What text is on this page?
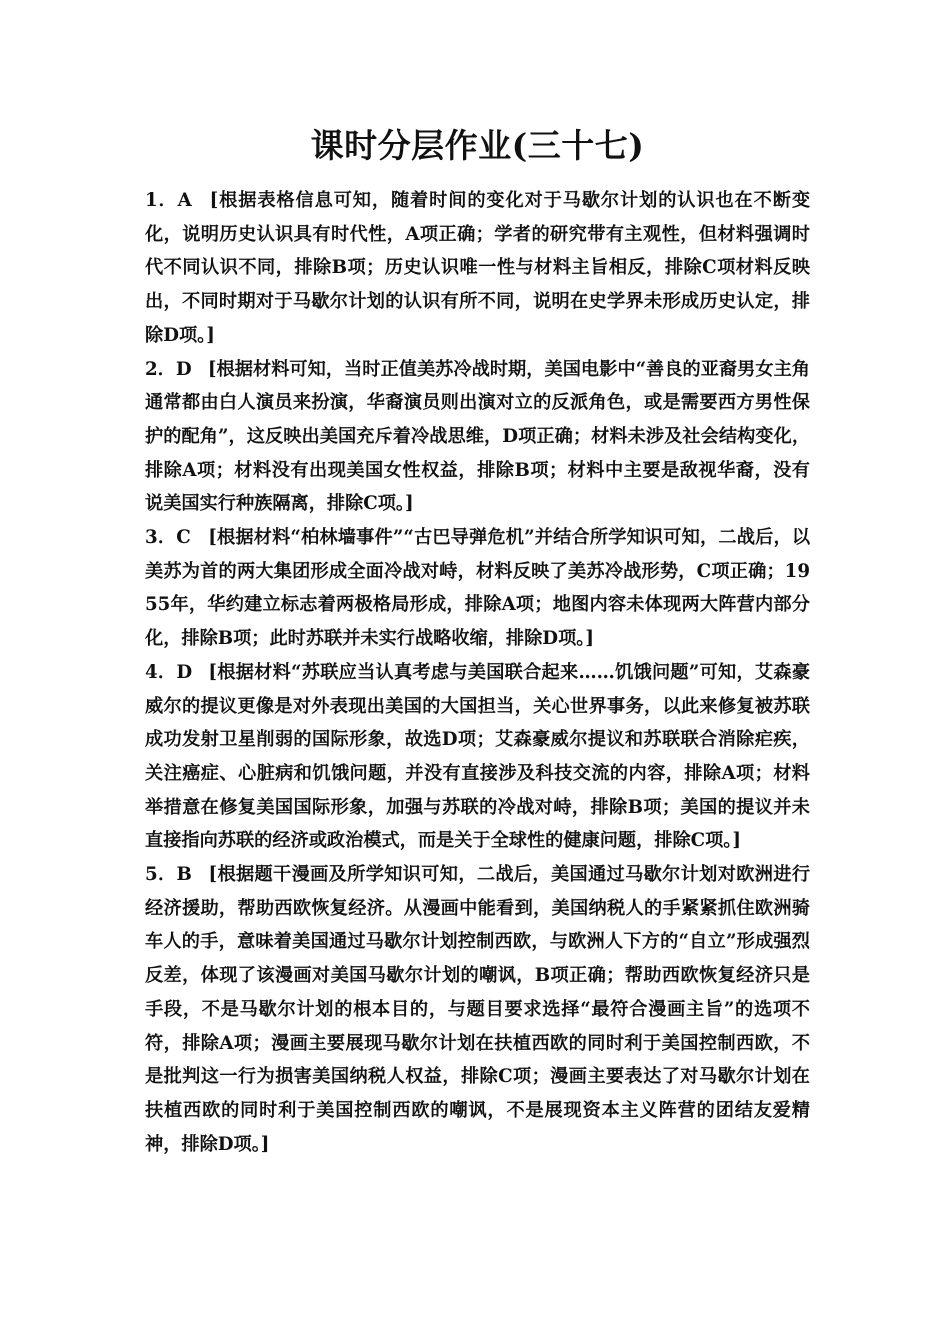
课时分层作业(三十七)

1．A [根据表格信息可知，随着时间的变化对于马歇尔计划的认识也在不断变化，说明历史认识具有时代性，A项正确；学者的研究带有主观性，但材料强调时代不同认识不同，排除B项；历史认识唯一性与材料主旨相反，排除C项材料反映出，不同时期对于马歇尔计划的认识有所不同，说明在史学界未形成历史认定，排除D项。]

2．D [根据材料可知，当时正值美苏冷战时期，美国电影中“善良的亚裔男女主角通常都由白人演员来扮演，华裔演员则出演对立的反派角色，或是需要西方男性保护的配角”，这反映出美国充斥着冷战思维，D项正确；材料未涉及社会结构变化，排除A项；材料没有出现美国女性权益，排除B项；材料中主要是敌视华裔，没有说美国实行种族隔离，排除C项。]

3．C [根据材料“柏林墙事件”“古巴导弹危机”并结合所学知识可知，二战后，以美苏为首的两大集团形成全面冷战对峙，材料反映了美苏冷战形势，C项正确；1955年，华约建立标志着两极格局形成，排除A项；地图内容未体现两大阵营内部分化，排除B项；此时苏联并未实行战略收缩，排除D项。]

4．D [根据材料“苏联应当认真考虑与美国联合起来……饥饿问题”可知，艾森豪威尔的提议更像是对外表现出美国的大国担当，关心世界事务，以此来修复被苏联成功发射卫星削弱的国际形象，故选D项；艾森豪威尔提议和苏联联合消除疟疾，关注癌症、心脏病和饥饿问题，并没有直接涉及科技交流的内容，排除A项；材料举措意在修复美国国际形象，加强与苏联的冷战对峙，排除B项；美国的提议并未直接指向苏联的经济或政治模式，而是关于全球性的健康问题，排除C项。]

5．B [根据题干漫画及所学知识可知，二战后，美国通过马歇尔计划对欧洲进行经济援助，帮助西欧恢复经济。从漫画中能看到，美国纳税人的手紧紧抓住欧洲骑车人的手，意味着美国通过马歇尔计划控制西欧，与欧洲人下方的“自立”形成强烈反差，体现了该漫画对美国马歇尔计划的嘲讽，B项正确；帮助西欧恢复经济只是手段，不是马歇尔计划的根本目的，与题目要求选择“最符合漫画主旨”的选项不符，排除A项；漫画主要展现马歇尔计划在扶植西欧的同时利于美国控制西欧，不是批判这一行为损害美国纳税人权益，排除C项；漫画主要表达了对马歇尔计划在扶植西欧的同时利于美国控制西欧的嘲讽，不是展现资本主义阵营的团结友爱精神，排除D项。]
